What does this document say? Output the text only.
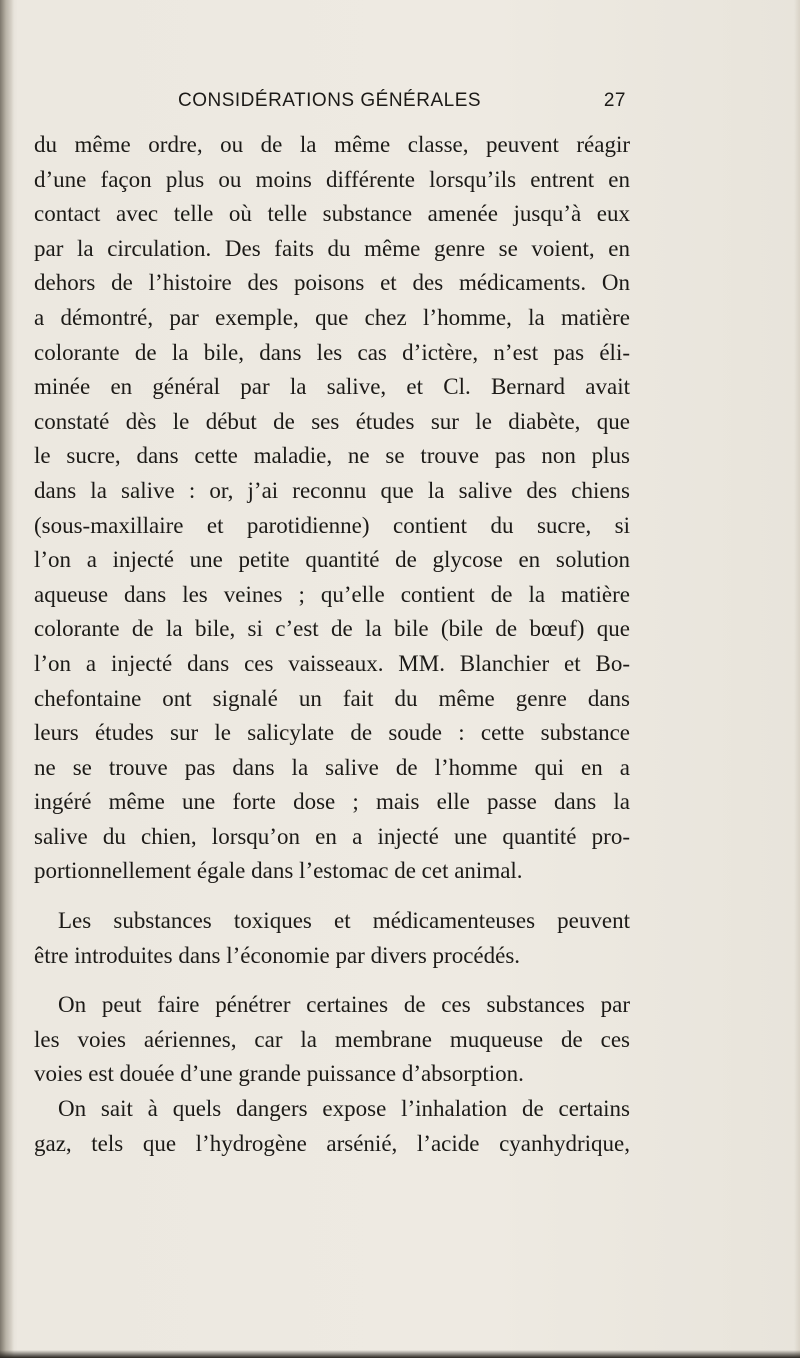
CONSIDÉRATIONS GÉNÉRALES	27
du même ordre, ou de la même classe, peuvent réagir
d’une façon plus ou moins différente lorsqu’ils entrent en
contact avec telle où telle substance amenée jusqu’à eux
par la circulation. Des faits du même genre se voient, en
dehors de l’histoire des poisons et des médicaments. On
a démontré, par exemple, que chez l’homme, la matière
colorante de la bile, dans les cas d’ictère, n’est pas éli-
minée en général par la salive, et Cl. Bernard avait
constaté dès le début de ses études sur le diabète, que
le sucre, dans cette maladie, ne se trouve pas non plus
dans la salive : or, j’ai reconnu que la salive des chiens
(sous-maxillaire et parotidienne) contient du sucre, si
l’on a injecté une petite quantité de glycose en solution
aqueuse dans les veines ; qu’elle contient de la matière
colorante de la bile, si c’est de la bile (bile de bœuf) que
l’on a injecté dans ces vaisseaux. MM. Blanchier et Bo-
chefontaine ont signalé un fait du même genre dans
leurs études sur le salicylate de soude : cette substance
ne se trouve pas dans la salive de l’homme qui en a
ingéré même une forte dose ; mais elle passe dans la
salive du chien, lorsqu’on en a injecté une quantité pro-
portionnellement égale dans l’estomac de cet animal.
Les substances toxiques et médicamenteuses peuvent
être introduites dans l’économie par divers procédés.
On peut faire pénétrer certaines de ces substances par
les voies aériennes, car la membrane muqueuse de ces
voies est douée d’une grande puissance d’absorption.
On sait à quels dangers expose l’inhalation de certains
gaz, tels que l’hydrogène arsénié, l’acide cyanhydrique,
